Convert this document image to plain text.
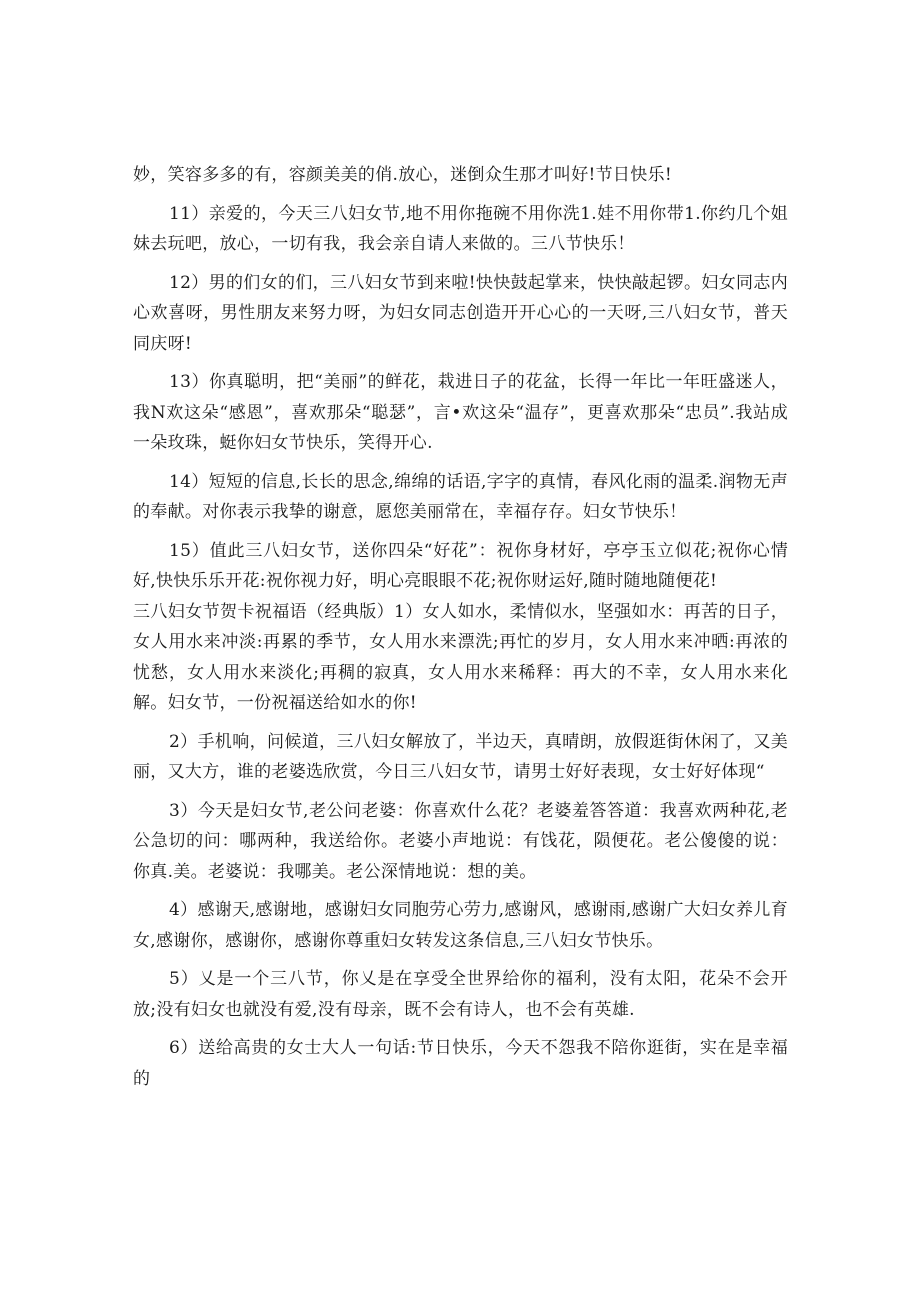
妙，笑容多多的有，容颜美美的俏.放心，迷倒众生那才叫好!节日快乐!

11）亲爱的，今天三八妇女节,地不用你拖碗不用你洗1.娃不用你带1.你约几个姐妹去玩吧，放心，一切有我，我会亲自请人来做的。三八节快乐！

12）男的们女的们，三八妇女节到来啦!快快鼓起掌来，快快敲起锣。妇女同志内心欢喜呀，男性朋友来努力呀，为妇女同志创造开开心心的一天呀,三八妇女节，普天同庆呀!

13）你真聪明，把“美丽”的鲜花，栽进日子的花盆，长得一年比一年旺盛迷人，我N欢这朵“感恩”，喜欢那朵“聪瑟”，言•欢这朵“温存”，更喜欢那朵“忠员”.我站成一朵玫珠，蜓你妇女节快乐，笑得开心.

14）短短的信息,长长的思念,绵绵的话语,字字的真情，春风化雨的温柔.润物无声的奉献。对你表示我挚的谢意，愿您美丽常在，幸福存存。妇女节快乐！

15）值此三八妇女节，送你四朵“好花”：祝你身材好，亭亭玉立似花;祝你心情好,快快乐乐开花:祝你视力好，明心亮眼眼不花;祝你财运好,随时随地随便花!

三八妇女节贺卡祝福语（经典版）1）女人如水，柔情似水，坚强如水：再苦的日子，女人用水来冲淡:再累的季节，女人用水来漂洗;再忙的岁月，女人用水来冲晒:再浓的忧愁，女人用水来淡化;再稠的寂真，女人用水来稀释：再大的不幸，女人用水来化解。妇女节，一份祝福送给如水的你!

2）手机响，问候道，三八妇女解放了，半边天，真晴朗，放假逛街休闲了，又美丽，又大方，谁的老婆选欣赏，今日三八妇女节，请男士好好表现，女士好好体现“

3）今天是妇女节,老公问老婆：你喜欢什么花？老婆羞答答道：我喜欢两种花,老公急切的问：哪两种，我送给你。老婆小声地说：有饯花，陨便花。老公傻傻的说：你真.美。老婆说：我哪美。老公深情地说：想的美。

4）感谢天,感谢地，感谢妇女同胞劳心劳力,感谢风，感谢雨,感谢广大妇女养儿育女,感谢你，感谢你，感谢你尊重妇女转发这条信息,三八妇女节快乐。

5）乂是一个三八节，你乂是在享受全世界给你的福利，没有太阳，花朵不会开放;没有妇女也就没有爱,没有母亲，既不会有诗人，也不会有英雄.

6）送给高贵的女士大人一句话:节日快乐，今天不怨我不陪你逛街，实在是幸福的
